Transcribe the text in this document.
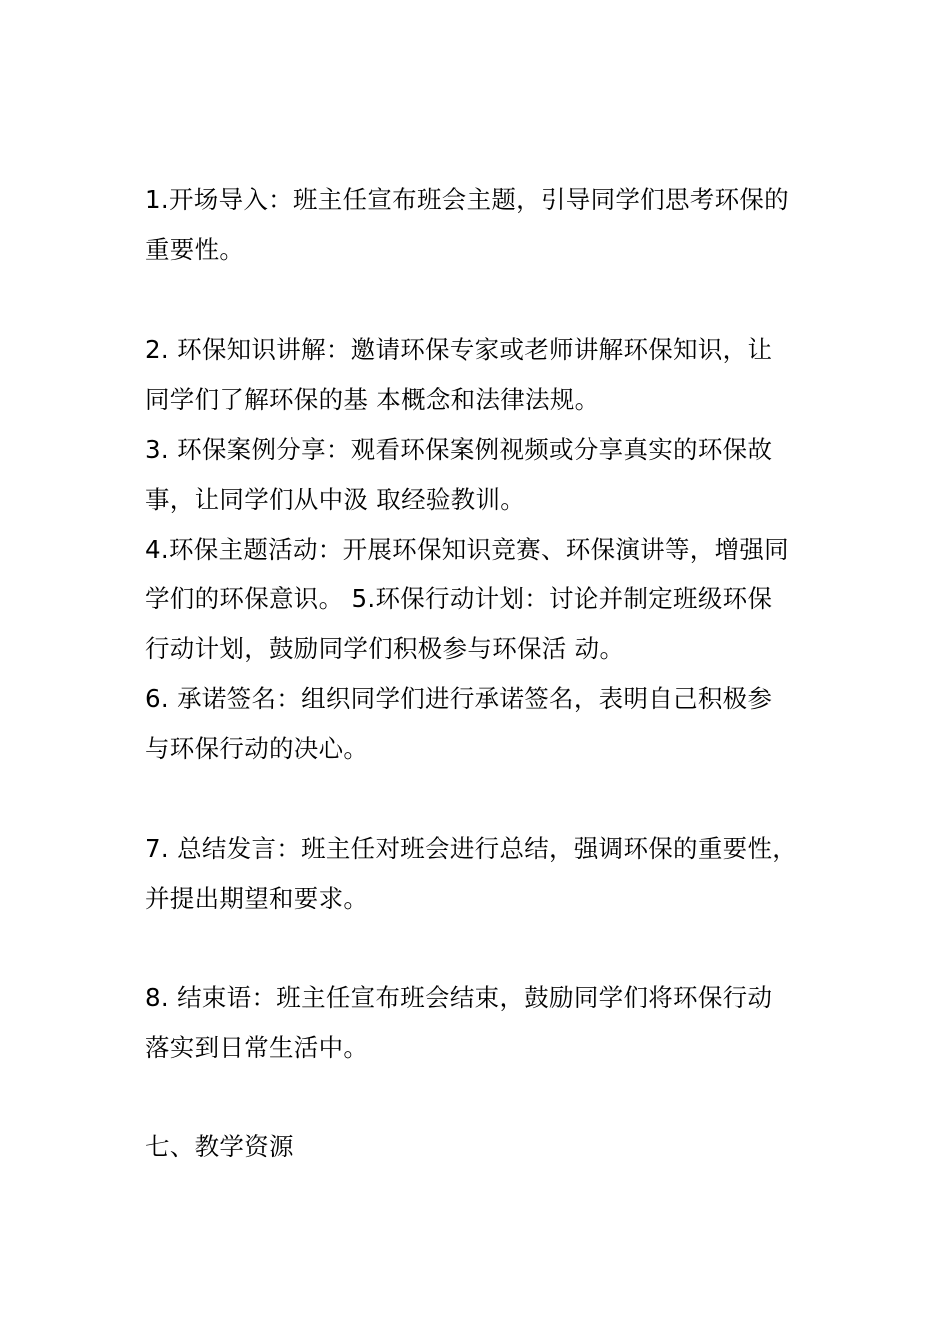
1.开场导入：班主任宣布班会主题，引导同学们思考环保的
重要性。
2. 环保知识讲解：邀请环保专家或老师讲解环保知识，让
同学们了解环保的基 本概念和法律法规。
3. 环保案例分享：观看环保案例视频或分享真实的环保故
事，让同学们从中汲 取经验教训。
4.环保主题活动：开展环保知识竞赛、环保演讲等，增强同
学们的环保意识。 5.环保行动计划：讨论并制定班级环保
行动计划，鼓励同学们积极参与环保活 动。
6. 承诺签名：组织同学们进行承诺签名，表明自己积极参
与环保行动的决心。
7. 总结发言：班主任对班会进行总结，强调环保的重要性，
并提出期望和要求。
8. 结束语：班主任宣布班会结束，鼓励同学们将环保行动
落实到日常生活中。
七、教学资源
